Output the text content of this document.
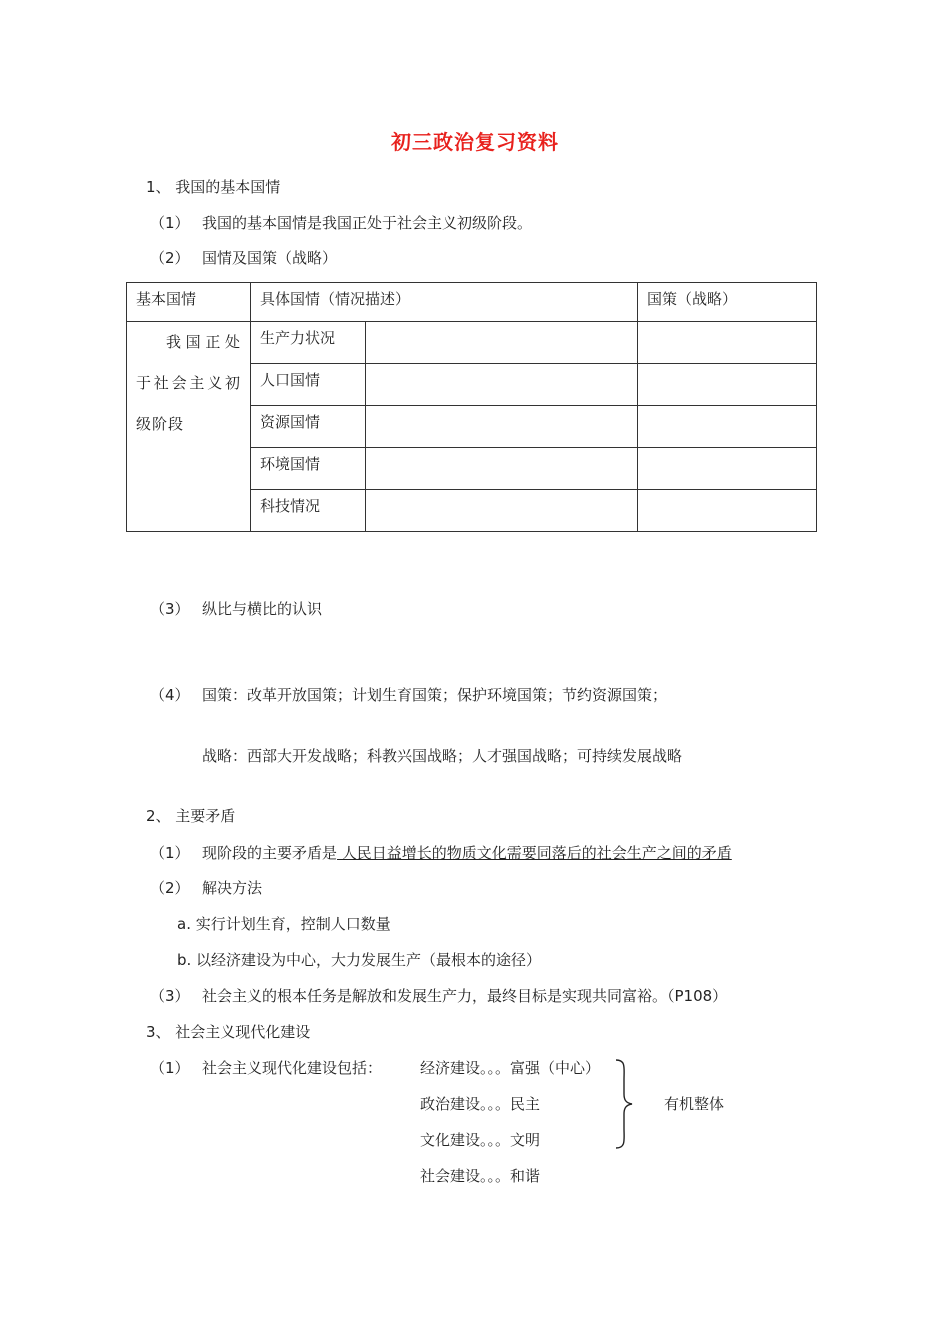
初三政治复习资料
1、 我国的基本国情
（1） 我国的基本国情是我国正处于社会主义初级阶段。
（2） 国情及国策（战略）
基本国情	具体国情（情况描述）		国策（战略）

我国正处于社会主义初级阶段	生产力状况		
	人口国情		
	资源国情		
	环境国情		
	科技情况		
（3） 纵比与横比的认识
（4） 国策：改革开放国策；计划生育国策；保护环境国策；节约资源国策；
战略：西部大开发战略；科教兴国战略；人才强国战略；可持续发展战略
2、 主要矛盾
（1） 现阶段的主要矛盾是 人民日益增长的物质文化需要同落后的社会生产之间的矛盾
（2） 解决方法
a. 实行计划生育，控制人口数量
b. 以经济建设为中心，大力发展生产（最根本的途径）
（3） 社会主义的根本任务是解放和发展生产力，最终目标是实现共同富裕。（P108）
3、 社会主义现代化建设
（1） 社会主义现代化建设包括：	经济建设。。。富强（中心）
政治建设。。。民主
文化建设。。。文明
社会建设。。。和谐
有机整体
